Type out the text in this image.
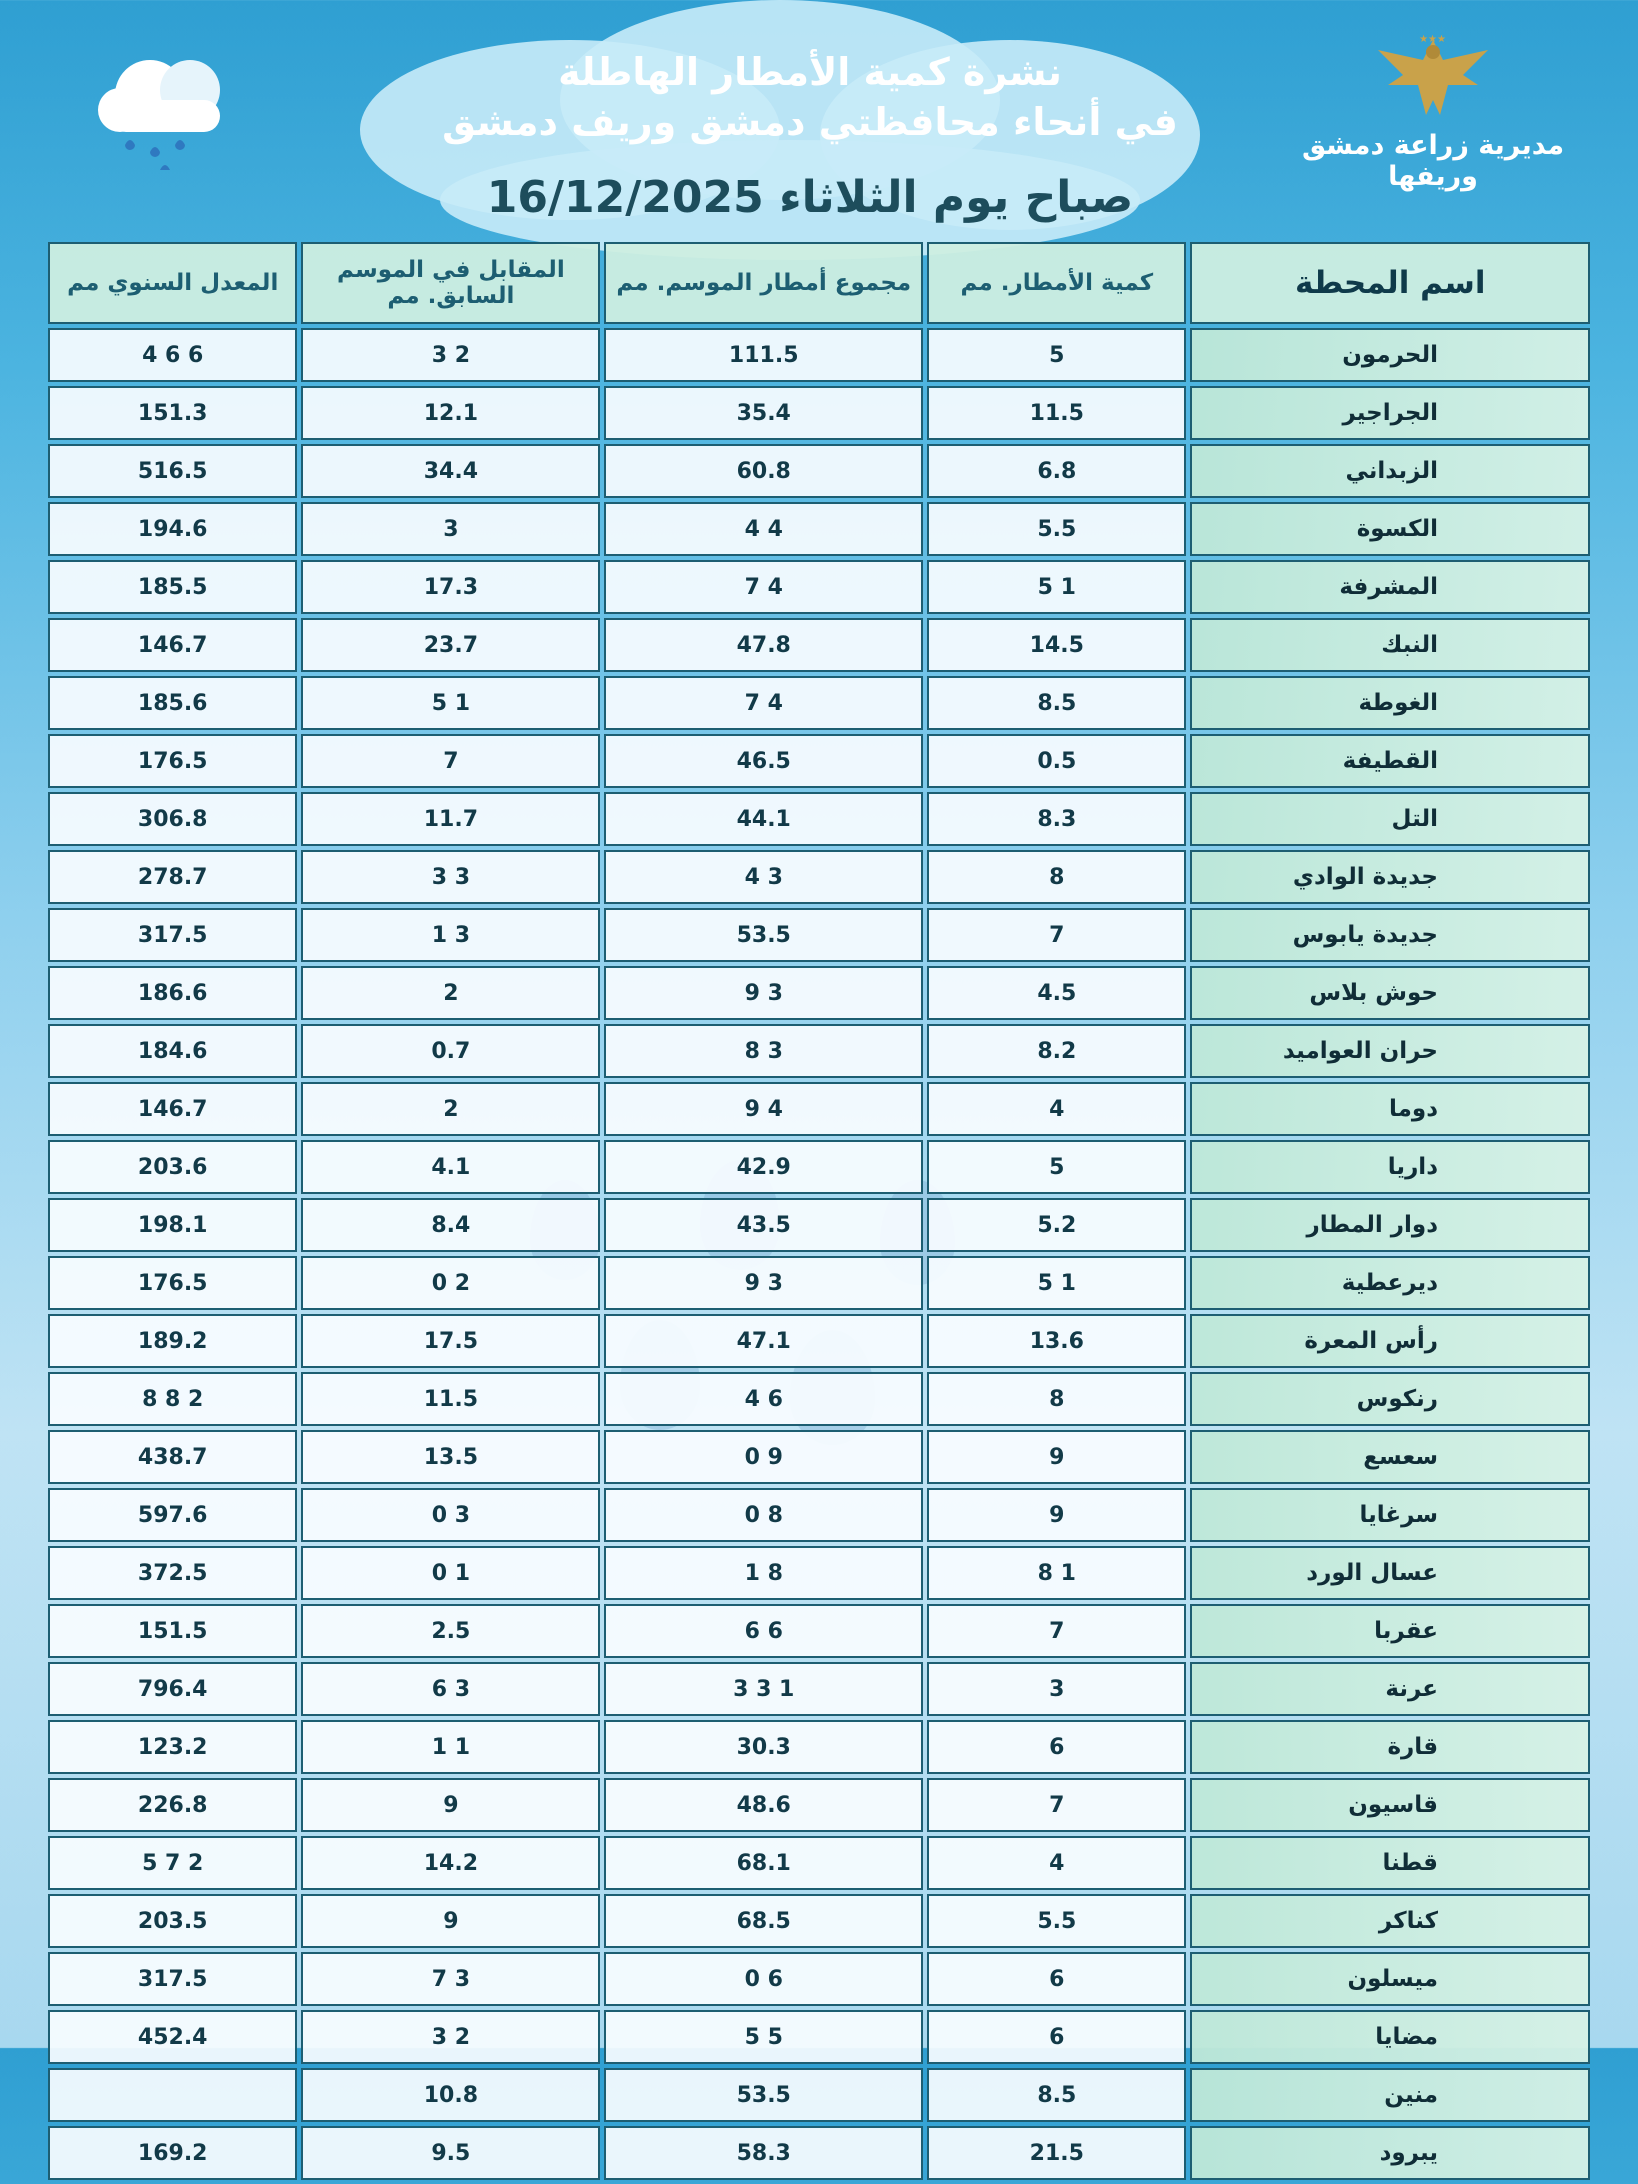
نشرة كمية الأمطار الهاطلة
في أنحاء محافظتي دمشق وريف دمشق
صباح يوم الثلاثاء 16/12/2025
★★★
مديرية زراعة دمشق وريفها
اسم المحطة	كمية الأمطار. مم	مجموع أمطار الموسم. مم	المقابل في الموسم السابق. مم	المعدل السنوي مم
الحرمون	5	111.5	2 3	6 6 4
الجراجير	11.5	35.4	12.1	151.3
الزبداني	6.8	60.8	34.4	516.5
الكسوة	5.5	4 4	3	194.6
المشرفة	1 5	4 7	17.3	185.5
النبك	14.5	47.8	23.7	146.7
الغوطة	8.5	4 7	1 5	185.6
القطيفة	0.5	46.5	7	176.5
التل	8.3	44.1	11.7	306.8
جديدة الوادي	8	3 4	3 3	278.7
جديدة يابوس	7	53.5	3 1	317.5
حوش بلاس	4.5	3 9	2	186.6
حران العواميد	8.2	3 8	0.7	184.6
دوما	4	4 9	2	146.7
داريا	5	42.9	4.1	203.6
دوار المطار	5.2	43.5	8.4	198.1
ديرعطية	1 5	3 9	2 0	176.5
رأس المعرة	13.6	47.1	17.5	189.2
رنكوس	8	6 4	11.5	2 8 8
سعسع	9	9 0	13.5	438.7
سرغايا	9	8 0	3 0	597.6
عسال الورد	1 8	8 1	1 0	372.5
عقربا	7	6 6	2.5	151.5
عرنة	3	1 3 3	3 6	796.4
قارة	6	30.3	1 1	123.2
قاسيون	7	48.6	9	226.8
قطنا	4	68.1	14.2	2 7 5
كناكر	5.5	68.5	9	203.5
ميسلون	6	6 0	3 7	317.5
مضايا	6	5 5	2 3	452.4
منين	8.5	53.5	10.8	
يبرود	21.5	58.3	9.5	169.2
